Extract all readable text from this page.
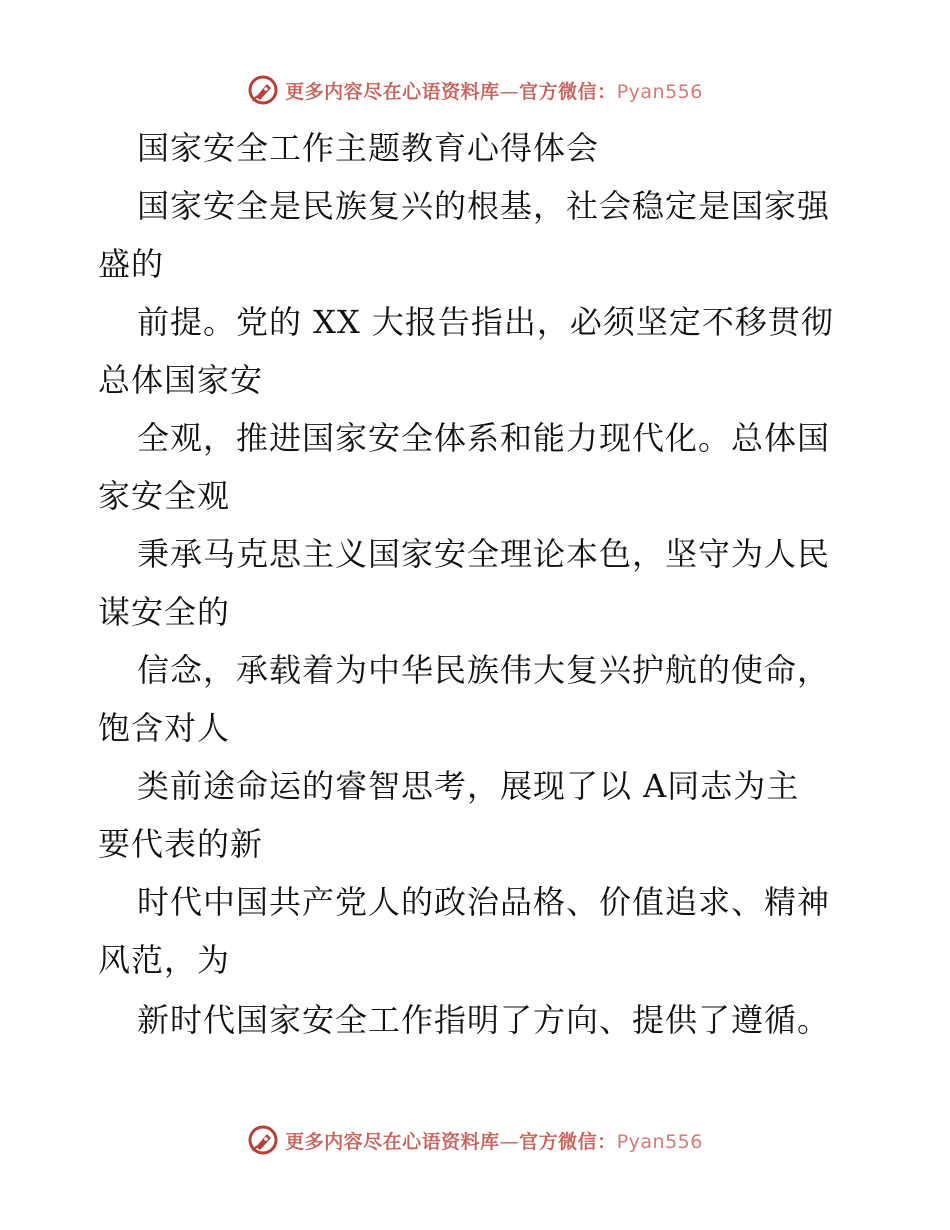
更多内容尽在心语资料库—官方微信：Pyan556
国家安全工作主题教育心得体会
国家安全是民族复兴的根基，社会稳定是国家强
盛的
前提。党的 XX 大报告指出，必须坚定不移贯彻
总体国家安
全观，推进国家安全体系和能力现代化。总体国
家安全观
秉承马克思主义国家安全理论本色，坚守为人民
谋安全的
信念，承载着为中华民族伟大复兴护航的使命，
饱含对人
类前途命运的睿智思考，展现了以 A同志为主
要代表的新
时代中国共产党人的政治品格、价值追求、精神
风范，为
新时代国家安全工作指明了方向、提供了遵循。
更多内容尽在心语资料库—官方微信：Pyan556
